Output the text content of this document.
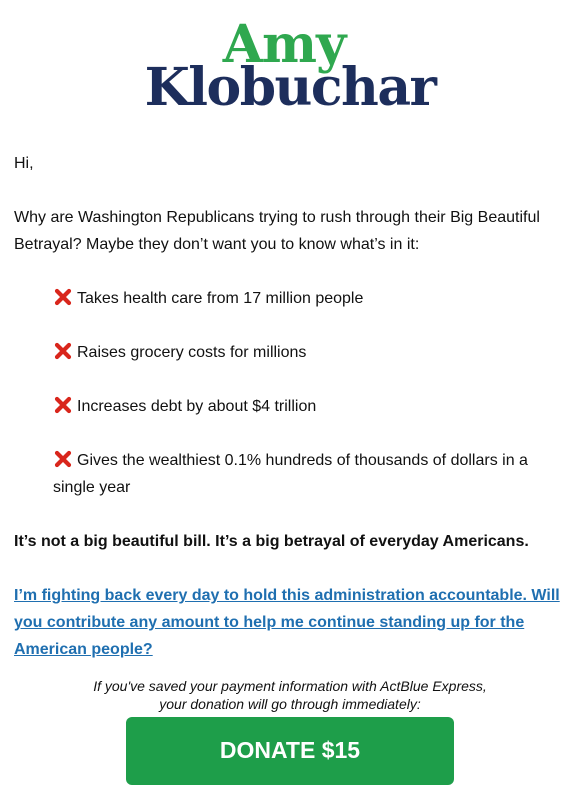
Amy
Klobuchar

Hi,

Why are Washington Republicans trying to rush through their Big Beautiful Betrayal? Maybe they don’t want you to know what’s in it:

Takes health care from 17 million people
Raises grocery costs for millions
Increases debt by about $4 trillion
Gives the wealthiest 0.1% hundreds of thousands of dollars in a single year

It’s not a big beautiful bill. It’s a big betrayal of everyday Americans.

I’m fighting back every day to hold this administration accountable. Will you contribute any amount to help me continue standing up for the American people?
If you've saved your payment information with ActBlue Express,
your donation will go through immediately:
DONATE $15
